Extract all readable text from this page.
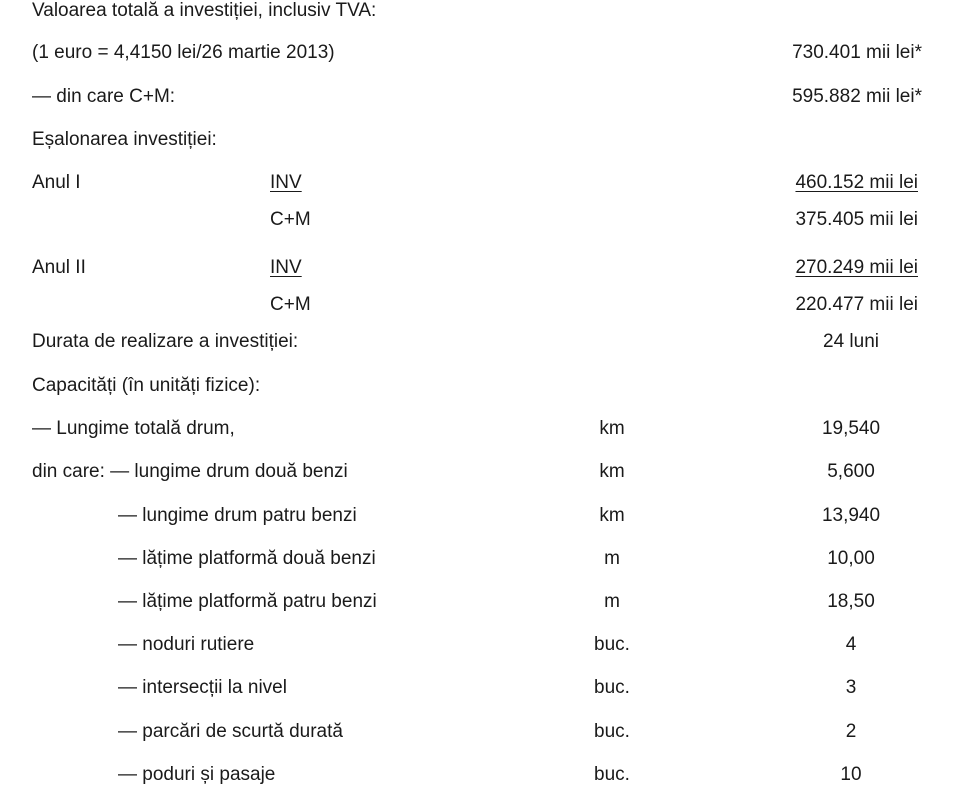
Valoarea totală a investiției, inclusiv TVA:
(1 euro = 4,4150 lei/26 martie 2013)	730.401 mii lei*
— din care C+M:	595.882 mii lei*
Eșalonarea investiției:
Anul I	INV	460.152 mii lei
C+M	375.405 mii lei
Anul II	INV	270.249 mii lei
C+M	220.477 mii lei
Durata de realizare a investiției:	24 luni
Capacități (în unități fizice):
— Lungime totală drum,	km	19,540
din care: — lungime drum două benzi	km	5,600
— lungime drum patru benzi	km	13,940
— lățime platformă două benzi	m	10,00
— lățime platformă patru benzi	m	18,50
— noduri rutiere	buc.	4
— intersecții la nivel	buc.	3
— parcări de scurtă durată	buc.	2
— poduri și pasaje	buc.	10
